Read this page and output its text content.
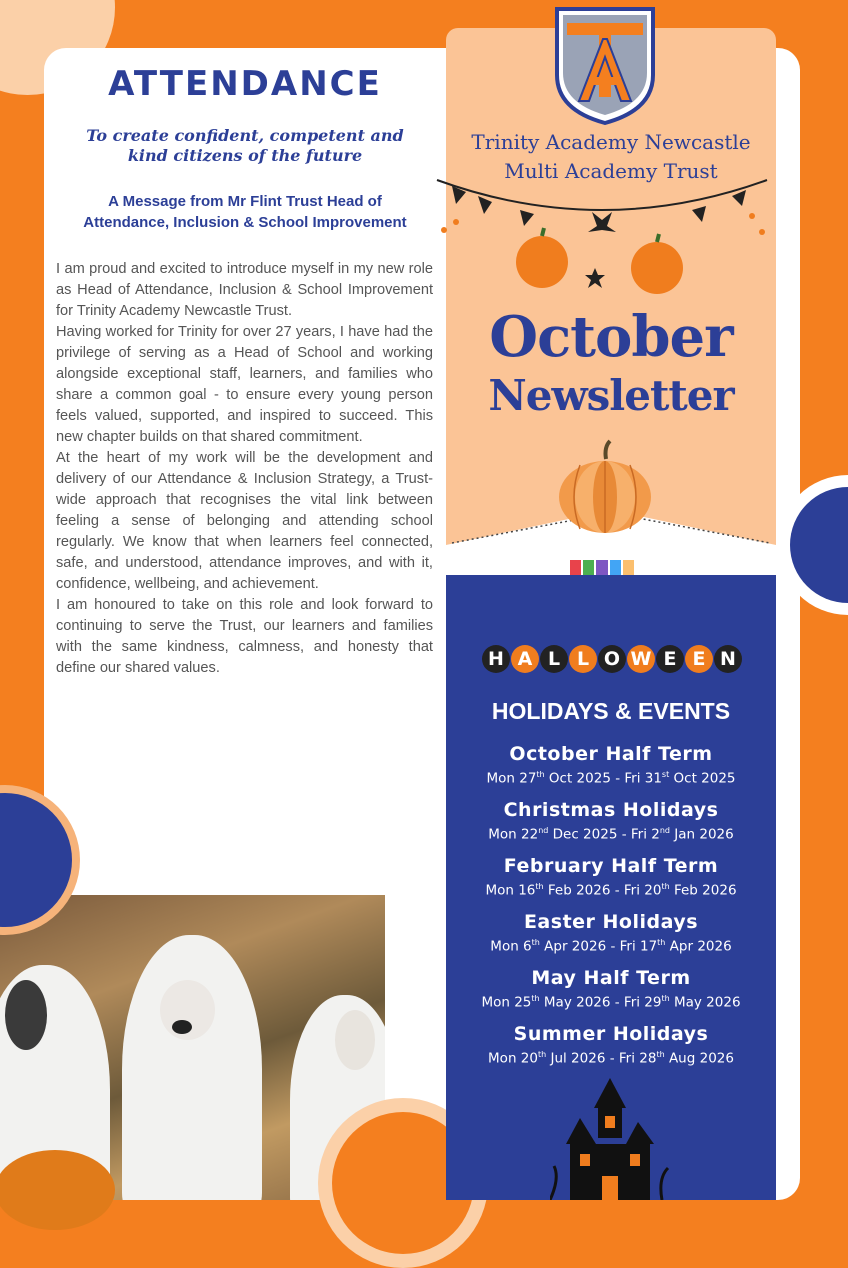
ATTENDANCE
To create confident, competent and
kind citizens of the future
A Message from Mr Flint Trust Head of
Attendance, Inclusion & School Improvement

I am proud and excited to introduce myself in my new role as Head of Attendance, Inclusion & School Improvement for Trinity Academy Newcastle Trust.

Having worked for Trinity for over 27 years, I have had the privilege of serving as a Head of School and working alongside exceptional staff, learners, and families who share a common goal - to ensure every young person feels valued, supported, and inspired to succeed. This new chapter builds on that shared commitment.

At the heart of my work will be the development and delivery of our Attendance & Inclusion Strategy, a Trust-wide approach that recognises the vital link between feeling a sense of belonging and attending school regularly. We know that when learners feel connected, safe, and understood, attendance improves, and with it, confidence, wellbeing, and achievement.

I am honoured to take on this role and look forward to continuing to serve the Trust, our learners and families with the same kindness, calmness, and honesty that define our shared values.

Trinity Academy Newcastle
Multi Academy Trust
October
Newsletter
H A L L O W E E N
HOLIDAYS & EVENTS
October Half Term
Mon 27th Oct 2025 - Fri 31st Oct 2025
Christmas Holidays
Mon 22nd Dec 2025 - Fri 2nd Jan 2026
February Half Term
Mon 16th Feb 2026 - Fri 20th Feb 2026
Easter Holidays
Mon 6th Apr 2026 - Fri 17th Apr 2026
May Half Term
Mon 25th May 2026 - Fri 29th May 2026
Summer Holidays
Mon 20th Jul 2026 - Fri 28th Aug 2026
